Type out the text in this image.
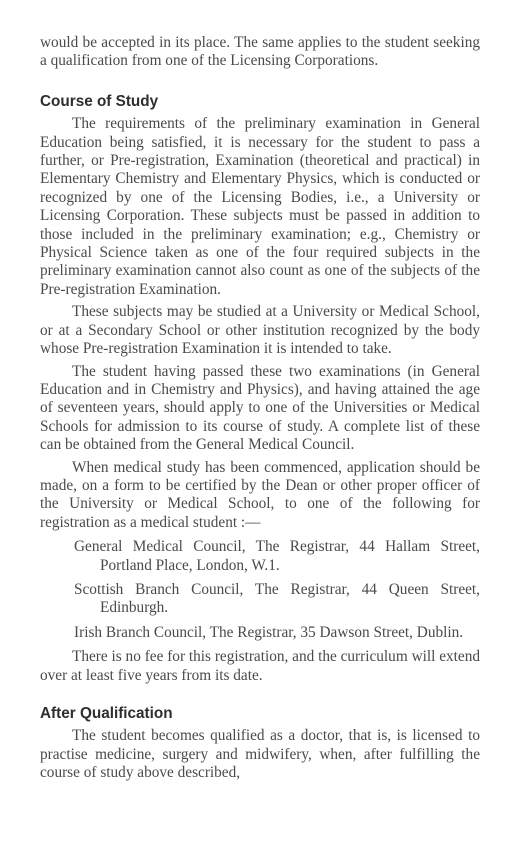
would be accepted in its place. The same applies to the student seeking a qualification from one of the Licensing Corporations.

Course of Study

The requirements of the preliminary examination in General Education being satisfied, it is necessary for the student to pass a further, or Pre-registration, Examination (theoretical and practical) in Elementary Chemistry and Elementary Physics, which is conducted or recognized by one of the Licensing Bodies, i.e., a University or Licensing Corporation. These subjects must be passed in addition to those included in the preliminary examination; e.g., Chemistry or Physical Science taken as one of the four required subjects in the preliminary examination cannot also count as one of the subjects of the Pre-registration Examination.

These subjects may be studied at a University or Medical School, or at a Secondary School or other institution recognized by the body whose Pre-registration Examination it is intended to take.

The student having passed these two examinations (in General Education and in Chemistry and Physics), and having attained the age of seventeen years, should apply to one of the Universities or Medical Schools for admission to its course of study. A complete list of these can be obtained from the General Medical Council.

When medical study has been commenced, application should be made, on a form to be certified by the Dean or other proper officer of the University or Medical School, to one of the following for registration as a medical student :—

General Medical Council, The Registrar, 44 Hallam Street, Portland Place, London, W.1.

Scottish Branch Council, The Registrar, 44 Queen Street, Edinburgh.

Irish Branch Council, The Registrar, 35 Dawson Street, Dublin.

There is no fee for this registration, and the curriculum will extend over at least five years from its date.

After Qualification

The student becomes qualified as a doctor, that is, is licensed to practise medicine, surgery and midwifery, when, after fulfilling the course of study above described,
